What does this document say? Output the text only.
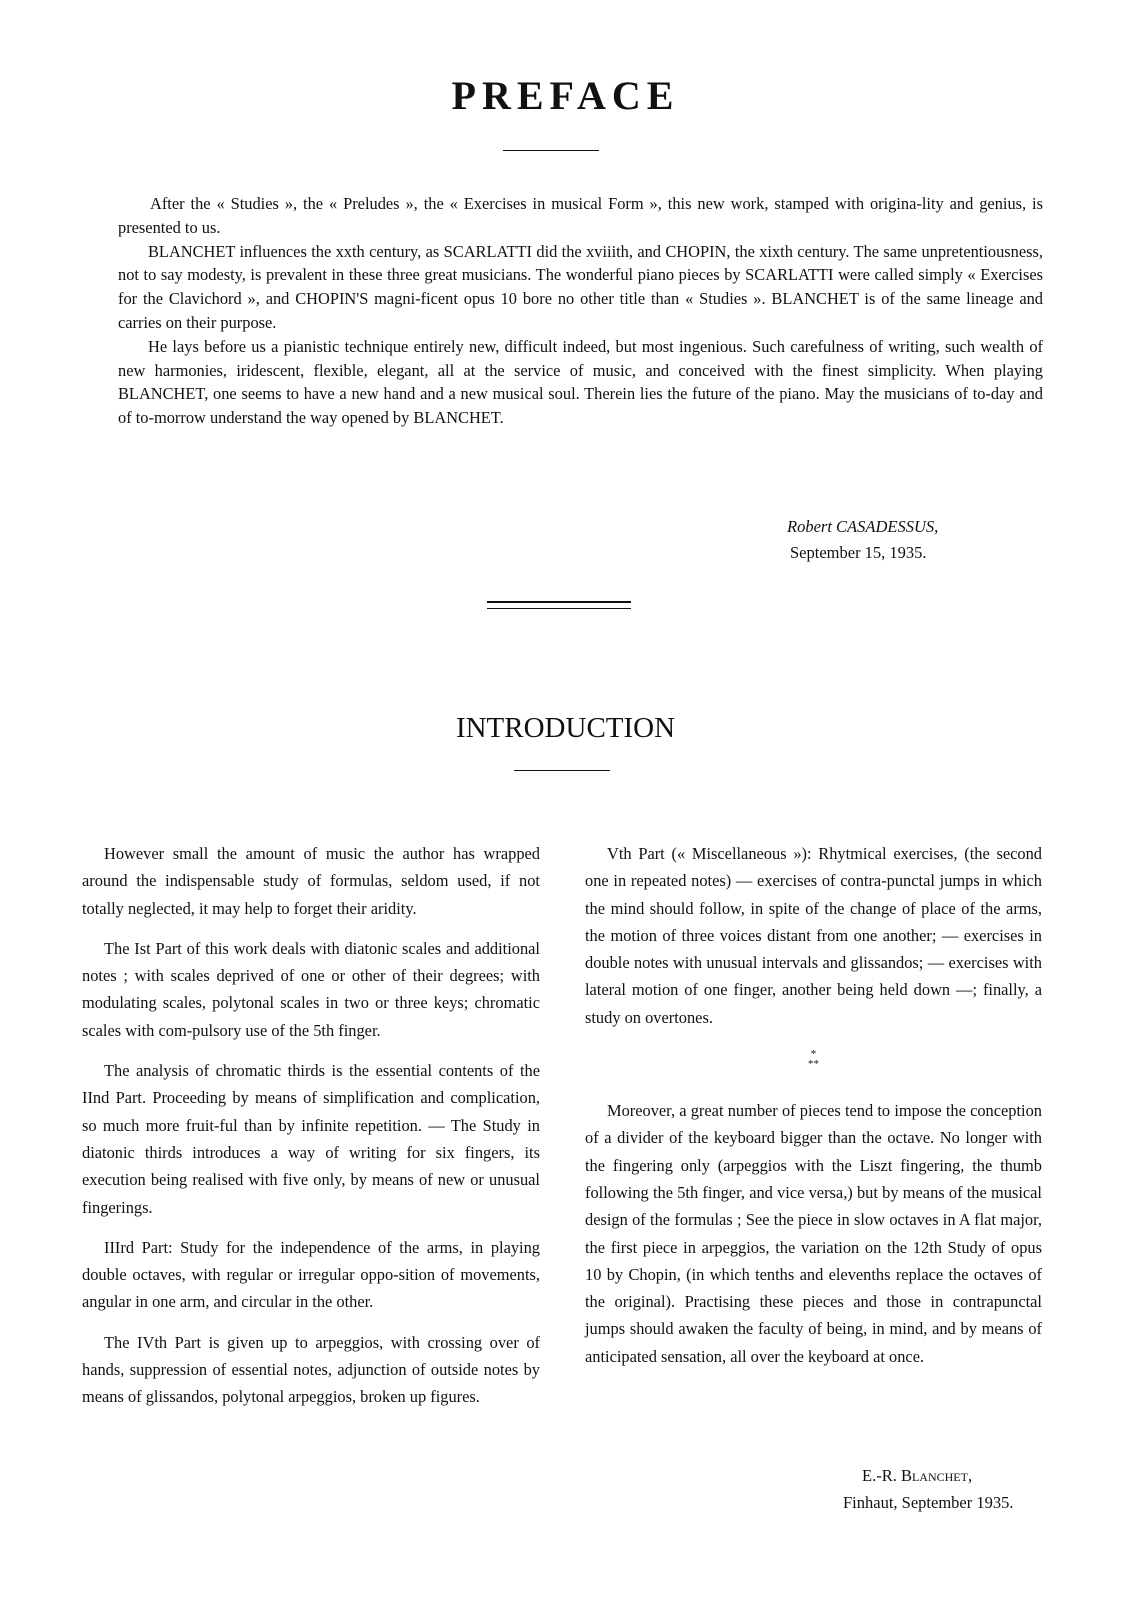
PREFACE

After the « Studies », the « Preludes », the « Exercises in musical Form », this new work, stamped with origina-lity and genius, is presented to us.

BLANCHET influences the xxth century, as SCARLATTI did the xviiith, and CHOPIN, the xixth century. The same unpretentiousness, not to say modesty, is prevalent in these three great musicians. The wonderful piano pieces by SCARLATTI were called simply « Exercises for the Clavichord », and CHOPIN'S magni-ficent opus 10 bore no other title than « Studies ». BLANCHET is of the same lineage and carries on their purpose.

He lays before us a pianistic technique entirely new, difficult indeed, but most ingenious. Such carefulness of writing, such wealth of new harmonies, iridescent, flexible, elegant, all at the service of music, and conceived with the finest simplicity. When playing BLANCHET, one seems to have a new hand and a new musical soul. Therein lies the future of the piano. May the musicians of to-day and of to-morrow understand the way opened by BLANCHET.

Robert CASADESSUS,
September 15, 1935.
INTRODUCTION

However small the amount of music the author has wrapped around the indispensable study of formulas, seldom used, if not totally neglected, it may help to forget their aridity.

The Ist Part of this work deals with diatonic scales and additional notes ; with scales deprived of one or other of their degrees; with modulating scales, polytonal scales in two or three keys; chromatic scales with com-pulsory use of the 5th finger.

The analysis of chromatic thirds is the essential contents of the IInd Part. Proceeding by means of simplification and complication, so much more fruit-ful than by infinite repetition. — The Study in diatonic thirds introduces a way of writing for six fingers, its execution being realised with five only, by means of new or unusual fingerings.

IIIrd Part: Study for the independence of the arms, in playing double octaves, with regular or irregular oppo-sition of movements, angular in one arm, and circular in the other.

The IVth Part is given up to arpeggios, with crossing over of hands, suppression of essential notes, adjunction of outside notes by means of glissandos, polytonal arpeggios, broken up figures.

Vth Part (« Miscellaneous »): Rhytmical exercises, (the second one in repeated notes) — exercises of contra-punctal jumps in which the mind should follow, in spite of the change of place of the arms, the motion of three voices distant from one another; — exercises in double notes with unusual intervals and glissandos; — exercises with lateral motion of one finger, another being held down —; finally, a study on overtones.

*
**

Moreover, a great number of pieces tend to impose the conception of a divider of the keyboard bigger than the octave. No longer with the fingering only (arpeggios with the Liszt fingering, the thumb following the 5th finger, and vice versa,) but by means of the musical design of the formulas ; See the piece in slow octaves in A flat major, the first piece in arpeggios, the variation on the 12th Study of opus 10 by Chopin, (in which tenths and elevenths replace the octaves of the original). Practising these pieces and those in contrapunctal jumps should awaken the faculty of being, in mind, and by means of anticipated sensation, all over the keyboard at once.

E.-R. Blanchet,
Finhaut, September 1935.
